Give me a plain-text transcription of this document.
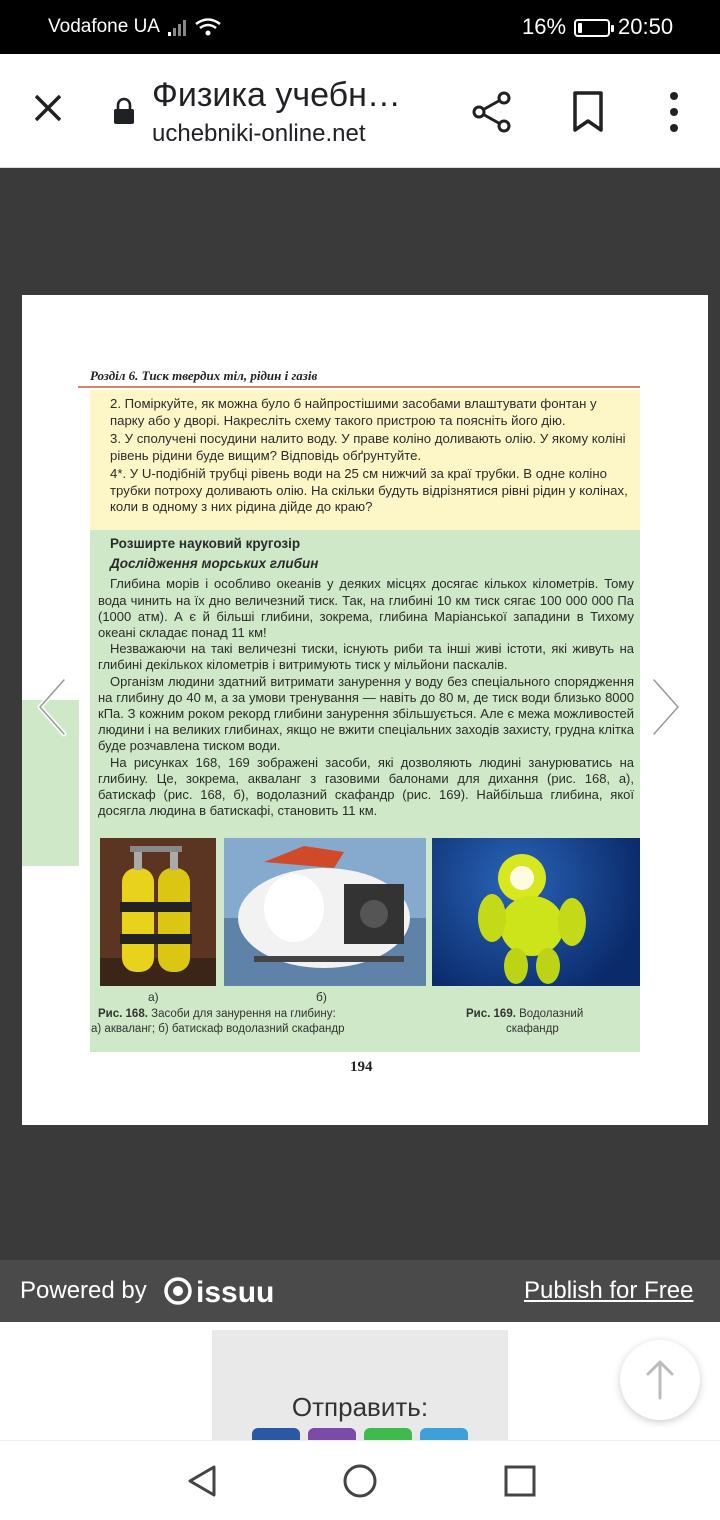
Vodafone UA	16% 20:50
Физика учебн…
uchebniki-online.net
Розділ 6. Тиск твердих тіл, рідин і газів

2. Поміркуйте, як можна було б найпростішими засобами влаштувати фонтан у парку або у дворі. Накресліть схему такого пристрою та поясніть його дію.

3. У сполучені посудини налито воду. У праве коліно доливають олію. У якому коліні рівень рідини буде вищим? Відповідь обґрунтуйте.

4*. У U-подібній трубці рівень води на 25 см нижчий за краї трубки. В одне коліно трубки потроху доливають олію. На скільки будуть відрізнятися рівні рідин у колінах, коли в одному з них рідина дійде до краю?

Розширте науковий кругозір
Дослідження морських глибин

Глибина морів і особливо океанів у деяких місцях досягає кількох кілометрів. Тому вода чинить на їх дно величезний тиск. Так, на глибині 10 км тиск сягає 100 000 000 Па (1000 атм). А є й більші глибини, зокрема, глибина Маріанської западини в Тихому океані складає понад 11 км!

Незважаючи на такі величезні тиски, існують риби та інші живі істоти, які живуть на глибині декількох кілометрів і витримують тиск у мільйони паскалів.

Організм людини здатний витримати занурення у воду без спеціального спорядження на глибину до 40 м, а за умови тренування — навіть до 80 м, де тиск води близько 8000 кПа. З кожним роком рекорд глибини занурення збільшується. Але є межа можливостей людини і на великих глибинах, якщо не вжити спеціальних заходів захисту, грудна клітка буде розчавлена тиском води.

На рисунках 168, 169 зображені засоби, які дозволяють людині занурюватись на глибину. Це, зокрема, акваланг з газовими балонами для дихання (рис. 168, а), батискаф (рис. 168, б), водолазний скафандр (рис. 169). Найбільша глибина, якої досягла людина в батискафі, становить 11 км.

а)	б)
Рис. 168. Засоби для занурення на глибину:
а) акваланг; б) батискаф водолазний скафандр
Рис. 169. Водолазний
скафандр
194
Powered by issuu	Publish for Free
Отправить:
